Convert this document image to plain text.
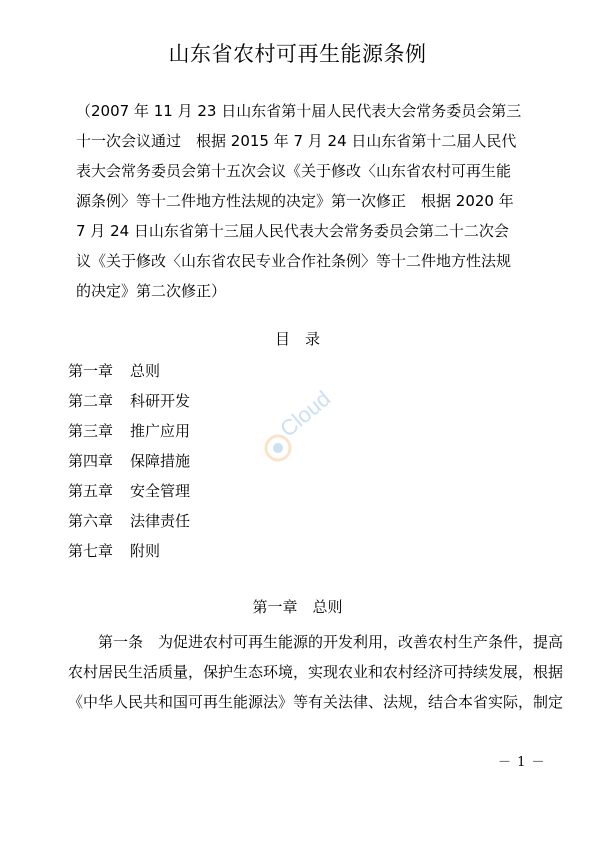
山东省农村可再生能源条例
（2007 年 11 月 23 日山东省第十届人民代表大会常务委员会第三
十一次会议通过　根据 2015 年 7 月 24 日山东省第十二届人民代
表大会常务委员会第十五次会议《关于修改〈山东省农村可再生能
源条例〉等十二件地方性法规的决定》第一次修正　根据 2020 年
7 月 24 日山东省第十三届人民代表大会常务委员会第二十二次会
议《关于修改〈山东省农民专业合作社条例〉等十二件地方性法规
的决定》第二次修正）
目　录
第一章 总则
第二章 科研开发
第三章 推广应用
第四章 保障措施
第五章 安全管理
第六章 法律责任
第七章 附则
第一章　总则
　　第一条　为促进农村可再生能源的开发利用，改善农村生产条件，提高
农村居民生活质量，保护生态环境，实现农业和农村经济可持续发展，根据
《中华人民共和国可再生能源法》等有关法律、法规，结合本省实际，制定
－ 1 －
Cloud
